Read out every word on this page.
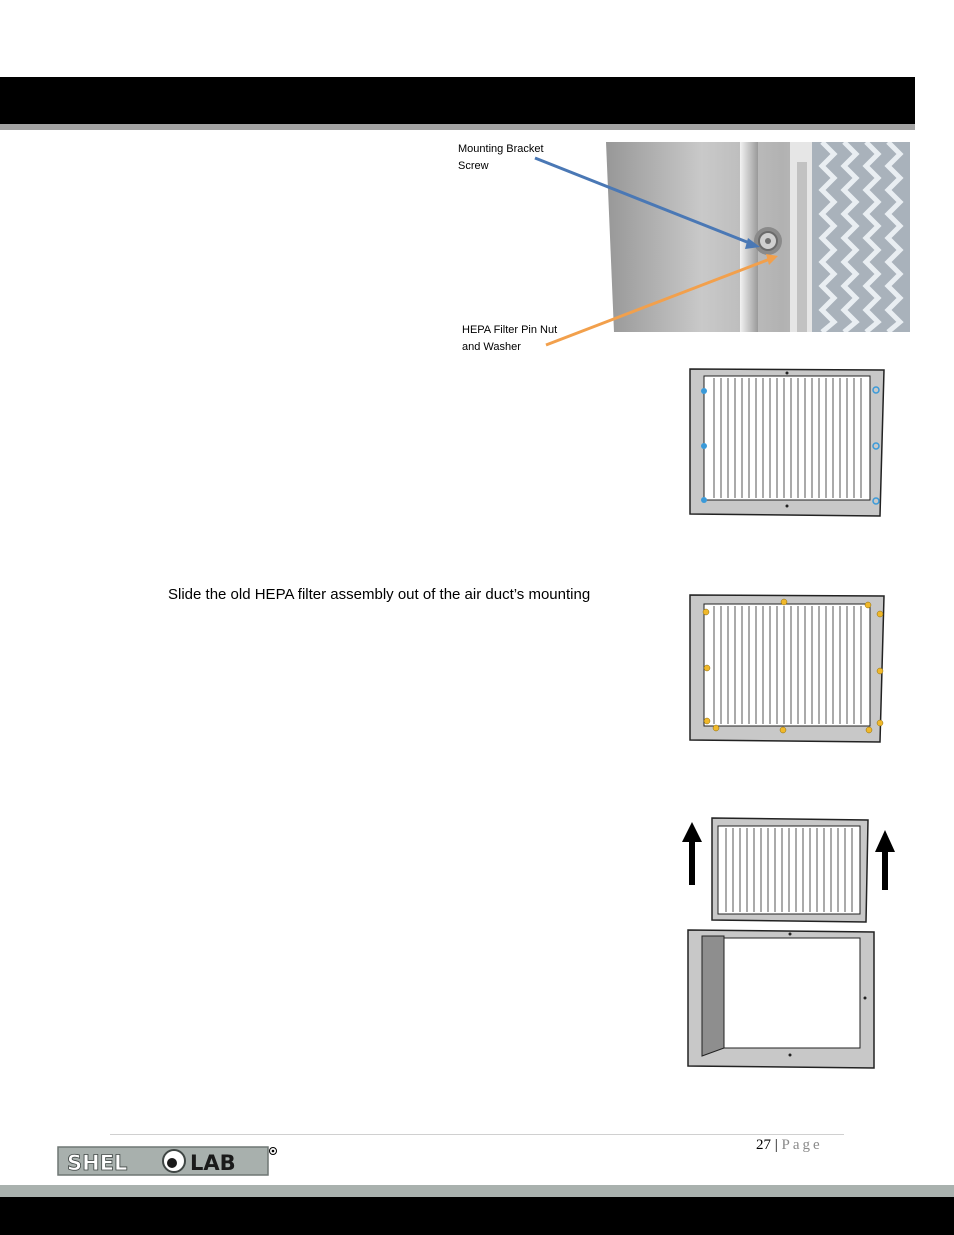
Mounting Bracket
Screw
HEPA Filter Pin Nut
and Washer
Slide the old HEPA filter assembly out of the air duct’s mounting
27 | Page
SHEL	LAB
